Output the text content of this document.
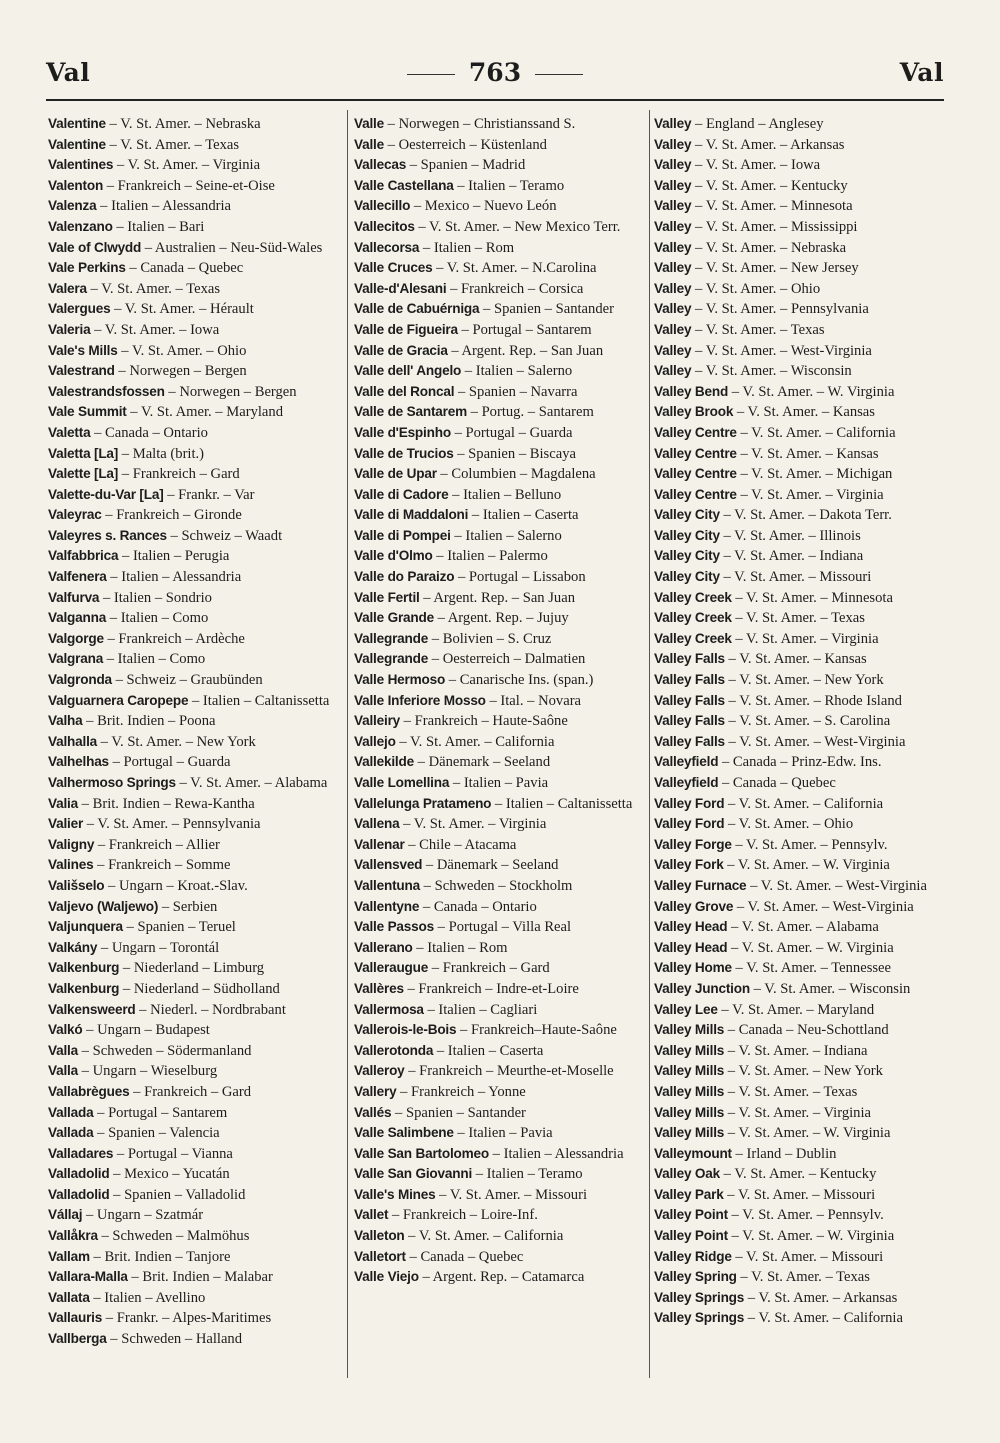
Val	763	Val
Valentine – V. St. Amer. – Nebraska
Valentine – V. St. Amer. – Texas
Valentines – V. St. Amer. – Virginia
Valenton – Frankreich – Seine-et-Oise
Valenza – Italien – Alessandria
Valenzano – Italien – Bari
Vale of Clwydd – Australien – Neu-Süd-Wales
Vale Perkins – Canada – Quebec
Valera – V. St. Amer. – Texas
Valergues – V. St. Amer. – Hérault
Valeria – V. St. Amer. – Iowa
Vale's Mills – V. St. Amer. – Ohio
Valestrand – Norwegen – Bergen
Valestrandsfossen – Norwegen – Bergen
Vale Summit – V. St. Amer. – Maryland
Valetta – Canada – Ontario
Valetta [La] – Malta (brit.)
Valette [La] – Frankreich – Gard
Valette-du-Var [La] – Frankr. – Var
Valeyrac – Frankreich – Gironde
Valeyres s. Rances – Schweiz – Waadt
Valfabbrica – Italien – Perugia
Valfenera – Italien – Alessandria
Valfurva – Italien – Sondrio
Valganna – Italien – Como
Valgorge – Frankreich – Ardèche
Valgrana – Italien – Como
Valgronda – Schweiz – Graubünden
Valguarnera Caropepe – Italien – Caltanissetta
Valha – Brit. Indien – Poona
Valhalla – V. St. Amer. – New York
Valhelhas – Portugal – Guarda
Valhermoso Springs – V. St. Amer. – Alabama
Valia – Brit. Indien – Rewa-Kantha
Valier – V. St. Amer. – Pennsylvania
Valigny – Frankreich – Allier
Valines – Frankreich – Somme
Vališselo – Ungarn – Kroat.-Slav.
Valjevo (Waljewo) – Serbien
Valjunquera – Spanien – Teruel
Valkány – Ungarn – Torontál
Valkenburg – Niederland – Limburg
Valkenburg – Niederland – Südholland
Valkensweerd – Niederl. – Nordbrabant
Valkó – Ungarn – Budapest
Valla – Schweden – Södermanland
Valla – Ungarn – Wieselburg
Vallabrègues – Frankreich – Gard
Vallada – Portugal – Santarem
Vallada – Spanien – Valencia
Valladares – Portugal – Vianna
Valladolid – Mexico – Yucatán
Valladolid – Spanien – Valladolid
Vállaj – Ungarn – Szatmár
Vallåkra – Schweden – Malmöhus
Vallam – Brit. Indien – Tanjore
Vallara-Malla – Brit. Indien – Malabar
Vallata – Italien – Avellino
Vallauris – Frankr. – Alpes-Maritimes
Vallberga – Schweden – Halland
Valle – Norwegen – Christianssand S.
Valle – Oesterreich – Küstenland
Vallecas – Spanien – Madrid
Valle Castellana – Italien – Teramo
Vallecillo – Mexico – Nuevo León
Vallecitos – V. St. Amer. – New Mexico Terr.
Vallecorsa – Italien – Rom
Valle Cruces – V. St. Amer. – N.Carolina
Valle-d'Alesani – Frankreich – Corsica
Valle de Cabuérniga – Spanien – Santander
Valle de Figueira – Portugal – Santarem
Valle de Gracia – Argent. Rep. – San Juan
Valle dell' Angelo – Italien – Salerno
Valle del Roncal – Spanien – Navarra
Valle de Santarem – Portug. – Santarem
Valle d'Espinho – Portugal – Guarda
Valle de Trucios – Spanien – Biscaya
Valle de Upar – Columbien – Magdalena
Valle di Cadore – Italien – Belluno
Valle di Maddaloni – Italien – Caserta
Valle di Pompei – Italien – Salerno
Valle d'Olmo – Italien – Palermo
Valle do Paraizo – Portugal – Lissabon
Valle Fertil – Argent. Rep. – San Juan
Valle Grande – Argent. Rep. – Jujuy
Vallegrande – Bolivien – S. Cruz
Vallegrande – Oesterreich – Dalmatien
Valle Hermoso – Canarische Ins. (span.)
Valle Inferiore Mosso – Ital. – Novara
Valleiry – Frankreich – Haute-Saône
Vallejo – V. St. Amer. – California
Vallekilde – Dänemark – Seeland
Valle Lomellina – Italien – Pavia
Vallelunga Pratameno – Italien – Caltanissetta
Vallena – V. St. Amer. – Virginia
Vallenar – Chile – Atacama
Vallensved – Dänemark – Seeland
Vallentuna – Schweden – Stockholm
Vallentyne – Canada – Ontario
Valle Passos – Portugal – Villa Real
Vallerano – Italien – Rom
Valleraugue – Frankreich – Gard
Vallères – Frankreich – Indre-et-Loire
Vallermosa – Italien – Cagliari
Vallerois-le-Bois – Frankreich–Haute-Saône
Vallerotonda – Italien – Caserta
Valleroy – Frankreich – Meurthe-et-Moselle
Vallery – Frankreich – Yonne
Vallés – Spanien – Santander
Valle Salimbene – Italien – Pavia
Valle San Bartolomeo – Italien – Alessandria
Valle San Giovanni – Italien – Teramo
Valle's Mines – V. St. Amer. – Missouri
Vallet – Frankreich – Loire-Inf.
Valleton – V. St. Amer. – California
Valletort – Canada – Quebec
Valle Viejo – Argent. Rep. – Catamarca
Valley – England – Anglesey
Valley – V. St. Amer. – Arkansas
Valley – V. St. Amer. – Iowa
Valley – V. St. Amer. – Kentucky
Valley – V. St. Amer. – Minnesota
Valley – V. St. Amer. – Mississippi
Valley – V. St. Amer. – Nebraska
Valley – V. St. Amer. – New Jersey
Valley – V. St. Amer. – Ohio
Valley – V. St. Amer. – Pennsylvania
Valley – V. St. Amer. – Texas
Valley – V. St. Amer. – West-Virginia
Valley – V. St. Amer. – Wisconsin
Valley Bend – V. St. Amer. – W. Virginia
Valley Brook – V. St. Amer. – Kansas
Valley Centre – V. St. Amer. – California
Valley Centre – V. St. Amer. – Kansas
Valley Centre – V. St. Amer. – Michigan
Valley Centre – V. St. Amer. – Virginia
Valley City – V. St. Amer. – Dakota Terr.
Valley City – V. St. Amer. – Illinois
Valley City – V. St. Amer. – Indiana
Valley City – V. St. Amer. – Missouri
Valley Creek – V. St. Amer. – Minnesota
Valley Creek – V. St. Amer. – Texas
Valley Creek – V. St. Amer. – Virginia
Valley Falls – V. St. Amer. – Kansas
Valley Falls – V. St. Amer. – New York
Valley Falls – V. St. Amer. – Rhode Island
Valley Falls – V. St. Amer. – S. Carolina
Valley Falls – V. St. Amer. – West-Virginia
Valleyfield – Canada – Prinz-Edw. Ins.
Valleyfield – Canada – Quebec
Valley Ford – V. St. Amer. – California
Valley Ford – V. St. Amer. – Ohio
Valley Forge – V. St. Amer. – Pennsylv.
Valley Fork – V. St. Amer. – W. Virginia
Valley Furnace – V. St. Amer. – West-Virginia
Valley Grove – V. St. Amer. – West-Virginia
Valley Head – V. St. Amer. – Alabama
Valley Head – V. St. Amer. – W. Virginia
Valley Home – V. St. Amer. – Tennessee
Valley Junction – V. St. Amer. – Wisconsin
Valley Lee – V. St. Amer. – Maryland
Valley Mills – Canada – Neu-Schottland
Valley Mills – V. St. Amer. – Indiana
Valley Mills – V. St. Amer. – New York
Valley Mills – V. St. Amer. – Texas
Valley Mills – V. St. Amer. – Virginia
Valley Mills – V. St. Amer. – W. Virginia
Valleymount – Irland – Dublin
Valley Oak – V. St. Amer. – Kentucky
Valley Park – V. St. Amer. – Missouri
Valley Point – V. St. Amer. – Pennsylv.
Valley Point – V. St. Amer. – W. Virginia
Valley Ridge – V. St. Amer. – Missouri
Valley Spring – V. St. Amer. – Texas
Valley Springs – V. St. Amer. – Arkansas
Valley Springs – V. St. Amer. – California
